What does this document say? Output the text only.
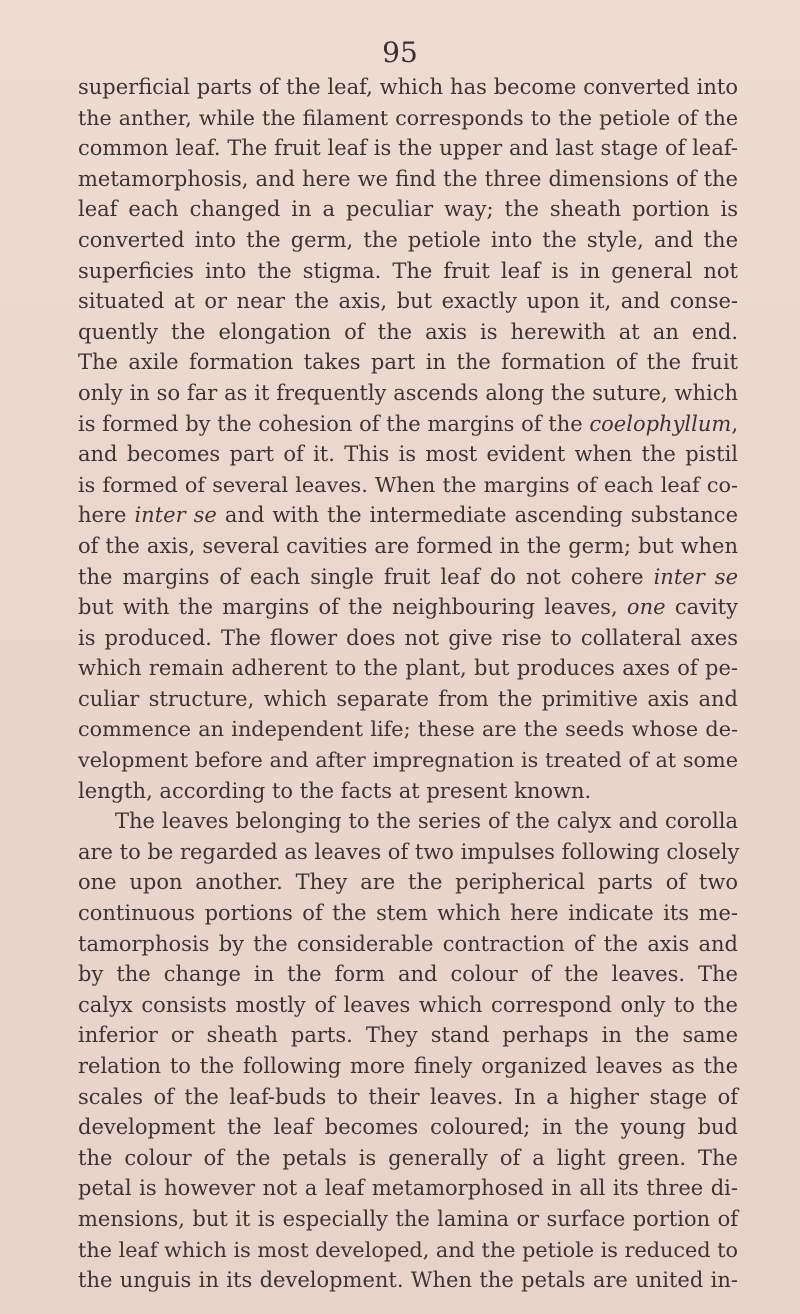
95
superficial parts of the leaf, which has become converted into
the anther, while the filament corresponds to the petiole of the
common leaf. The fruit leaf is the upper and last stage of leaf-
metamorphosis, and here we find the three dimensions of the
leaf each changed in a peculiar way; the sheath portion is
converted into the germ, the petiole into the style, and the
superficies into the stigma. The fruit leaf is in general not
situated at or near the axis, but exactly upon it, and conse-
quently the elongation of the axis is herewith at an end.
The axile formation takes part in the formation of the fruit
only in so far as it frequently ascends along the suture, which
is formed by the cohesion of the margins of the coelophyllum,
and becomes part of it. This is most evident when the pistil
is formed of several leaves. When the margins of each leaf co-
here inter se and with the intermediate ascending substance
of the axis, several cavities are formed in the germ; but when
the margins of each single fruit leaf do not cohere inter se
but with the margins of the neighbouring leaves, one cavity
is produced. The flower does not give rise to collateral axes
which remain adherent to the plant, but produces axes of pe-
culiar structure, which separate from the primitive axis and
commence an independent life; these are the seeds whose de-
velopment before and after impregnation is treated of at some
length, according to the facts at present known.
The leaves belonging to the series of the calyx and corolla
are to be regarded as leaves of two impulses following closely
one upon another. They are the peripherical parts of two
continuous portions of the stem which here indicate its me-
tamorphosis by the considerable contraction of the axis and
by the change in the form and colour of the leaves. The
calyx consists mostly of leaves which correspond only to the
inferior or sheath parts. They stand perhaps in the same
relation to the following more finely organized leaves as the
scales of the leaf-buds to their leaves. In a higher stage of
development the leaf becomes coloured; in the young bud
the colour of the petals is generally of a light green. The
petal is however not a leaf metamorphosed in all its three di-
mensions, but it is especially the lamina or surface portion of
the leaf which is most developed, and the petiole is reduced to
the unguis in its development. When the petals are united in-
